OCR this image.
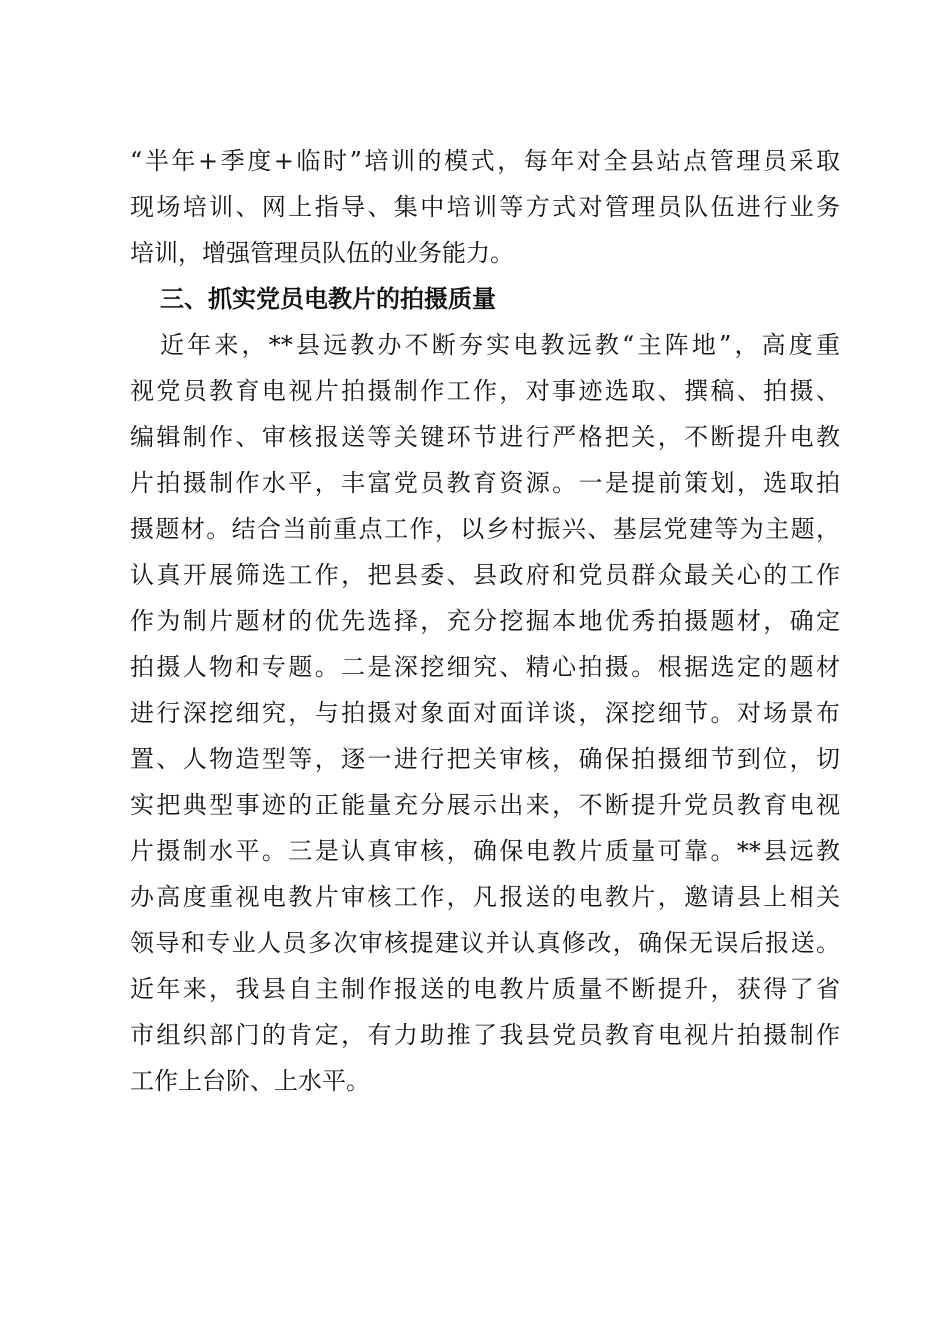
“半年+季度+临时”培训的模式，每年对全县站点管理员采取
现场培训、网上指导、集中培训等方式对管理员队伍进行业务
培训，增强管理员队伍的业务能力。
三、抓实党员电教片的拍摄质量
近年来，**县远教办不断夯实电教远教“主阵地”，高度重
视党员教育电视片拍摄制作工作，对事迹选取、撰稿、拍摄、
编辑制作、审核报送等关键环节进行严格把关，不断提升电教
片拍摄制作水平，丰富党员教育资源。一是提前策划，选取拍
摄题材。结合当前重点工作，以乡村振兴、基层党建等为主题，
认真开展筛选工作，把县委、县政府和党员群众最关心的工作
作为制片题材的优先选择，充分挖掘本地优秀拍摄题材，确定
拍摄人物和专题。二是深挖细究、精心拍摄。根据选定的题材
进行深挖细究，与拍摄对象面对面详谈，深挖细节。对场景布
置、人物造型等，逐一进行把关审核，确保拍摄细节到位，切
实把典型事迹的正能量充分展示出来，不断提升党员教育电视
片摄制水平。三是认真审核，确保电教片质量可靠。**县远教
办高度重视电教片审核工作，凡报送的电教片，邀请县上相关
领导和专业人员多次审核提建议并认真修改，确保无误后报送。
近年来，我县自主制作报送的电教片质量不断提升，获得了省
市组织部门的肯定，有力助推了我县党员教育电视片拍摄制作
工作上台阶、上水平。
